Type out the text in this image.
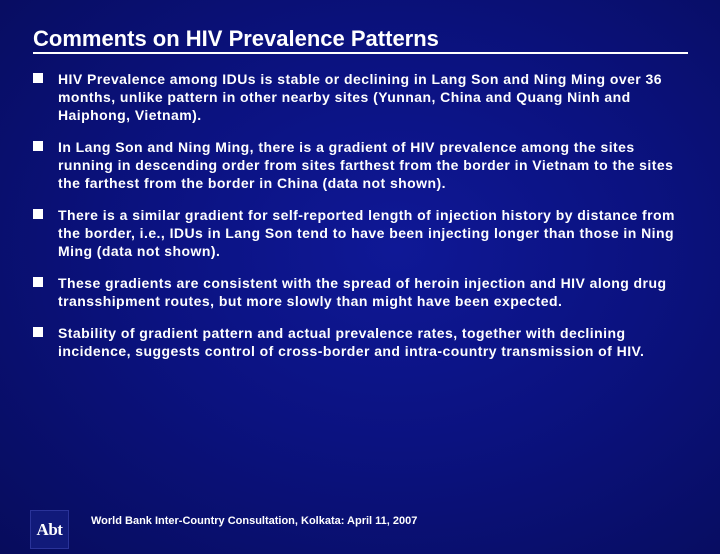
Comments on HIV Prevalence Patterns
HIV Prevalence among IDUs is stable or declining in Lang Son and Ning Ming over 36 months, unlike pattern in other nearby sites (Yunnan, China and Quang Ninh and Haiphong, Vietnam).
In Lang Son and Ning Ming, there is a gradient of HIV prevalence among the sites running in descending order from sites farthest from the border in Vietnam to the sites the farthest from the border in China (data not shown).
There is a similar gradient for self-reported length of injection history by distance from the border, i.e., IDUs in Lang Son tend to have been injecting longer than those in Ning Ming (data not shown).
These gradients are consistent with the spread of heroin injection and HIV along drug transshipment routes, but more slowly than might have been expected.
Stability of gradient pattern and actual prevalence rates, together with declining incidence, suggests control of cross-border and intra-country transmission of HIV.
Abt	World Bank Inter-Country Consultation, Kolkata: April 11, 2007
